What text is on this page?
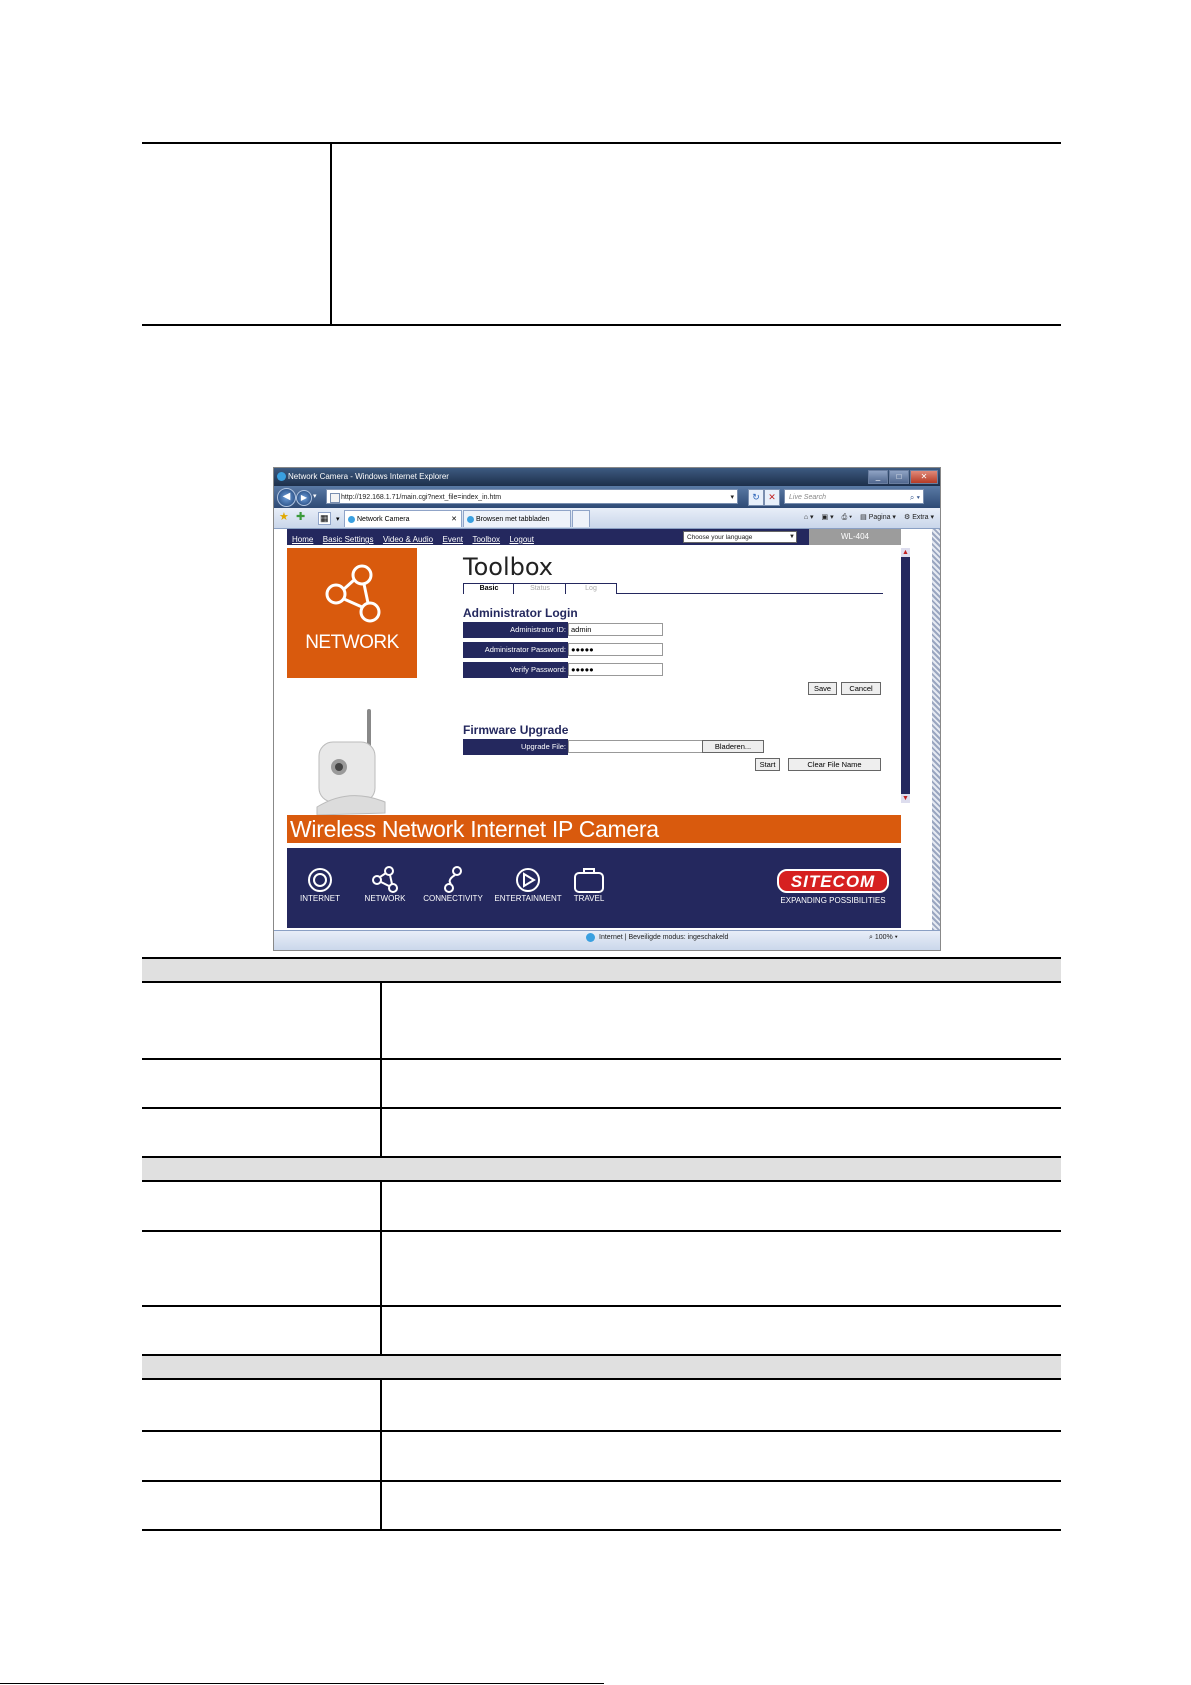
Network Camera - Windows Internet Explorer	_	□	✕
◀	▶ ▾	http://192.168.1.71/main.cgi?next_file=index_in.htm	▾	↻ ✕	Live Search	⌕ ▾
★ ✚ ▦ ▾	Network Camera	✕	Browsen met tabbladen	⌂ ▾ ▣ ▾ ⎙ ▾ ▤ Pagina ▾ ⚙ Extra ▾
Home Basic Settings Video & Audio Event Toolbox Logout	Choose your language	▼	WL-404
NETWORK
Toolbox
Basic	Status	Log
Administrator Login
Administrator ID: admin
Administrator Password: ●●●●●
Verify Password: ●●●●●
Save	Cancel
Firmware Upgrade
Upgrade File:	Bladeren...
Start	Clear File Name
▲
▼
Wireless Network Internet IP Camera
INTERNET	NETWORK	CONNECTIVITY	ENTERTAINMENT	TRAVEL
SITECOM
EXPANDING POSSIBILITIES
Internet | Beveiligde modus: ingeschakeld	⌕ 100% ▾
